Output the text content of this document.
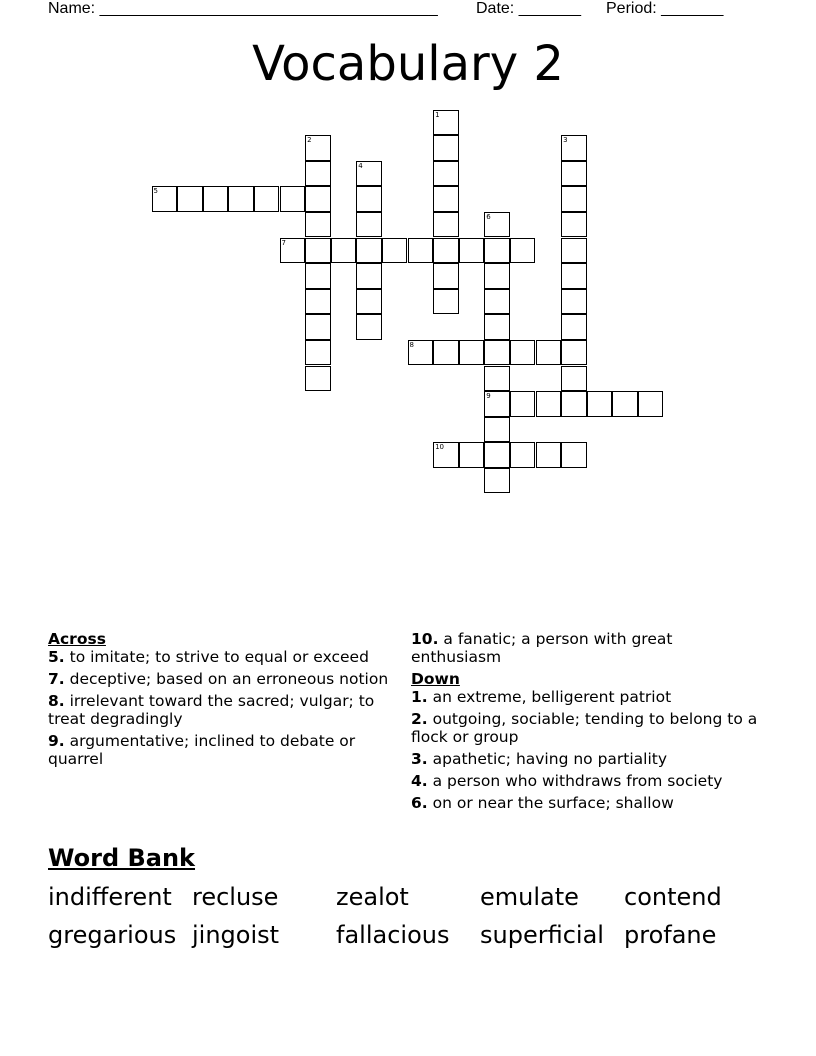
Name: ______________________________________ Date: _______ Period: _______
Vocabulary 2
1
2	3
4
5
6
9
7
8
10
Across
5. to imitate; to strive to equal or exceed
7. deceptive; based on an erroneous notion
8. irrelevant toward the sacred; vulgar; to treat degradingly
9. argumentative; inclined to debate or quarrel
10. a fanatic; a person with great enthusiasm
Down
1. an extreme, belligerent patriot
2. outgoing, sociable; tending to belong to a flock or group
3. apathetic; having no partiality
4. a person who withdraws from society
6. on or near the surface; shallow
Word Bank
indifferent recluse zealot	emulate contend
gregarious jingoist fallacious superficial profane
